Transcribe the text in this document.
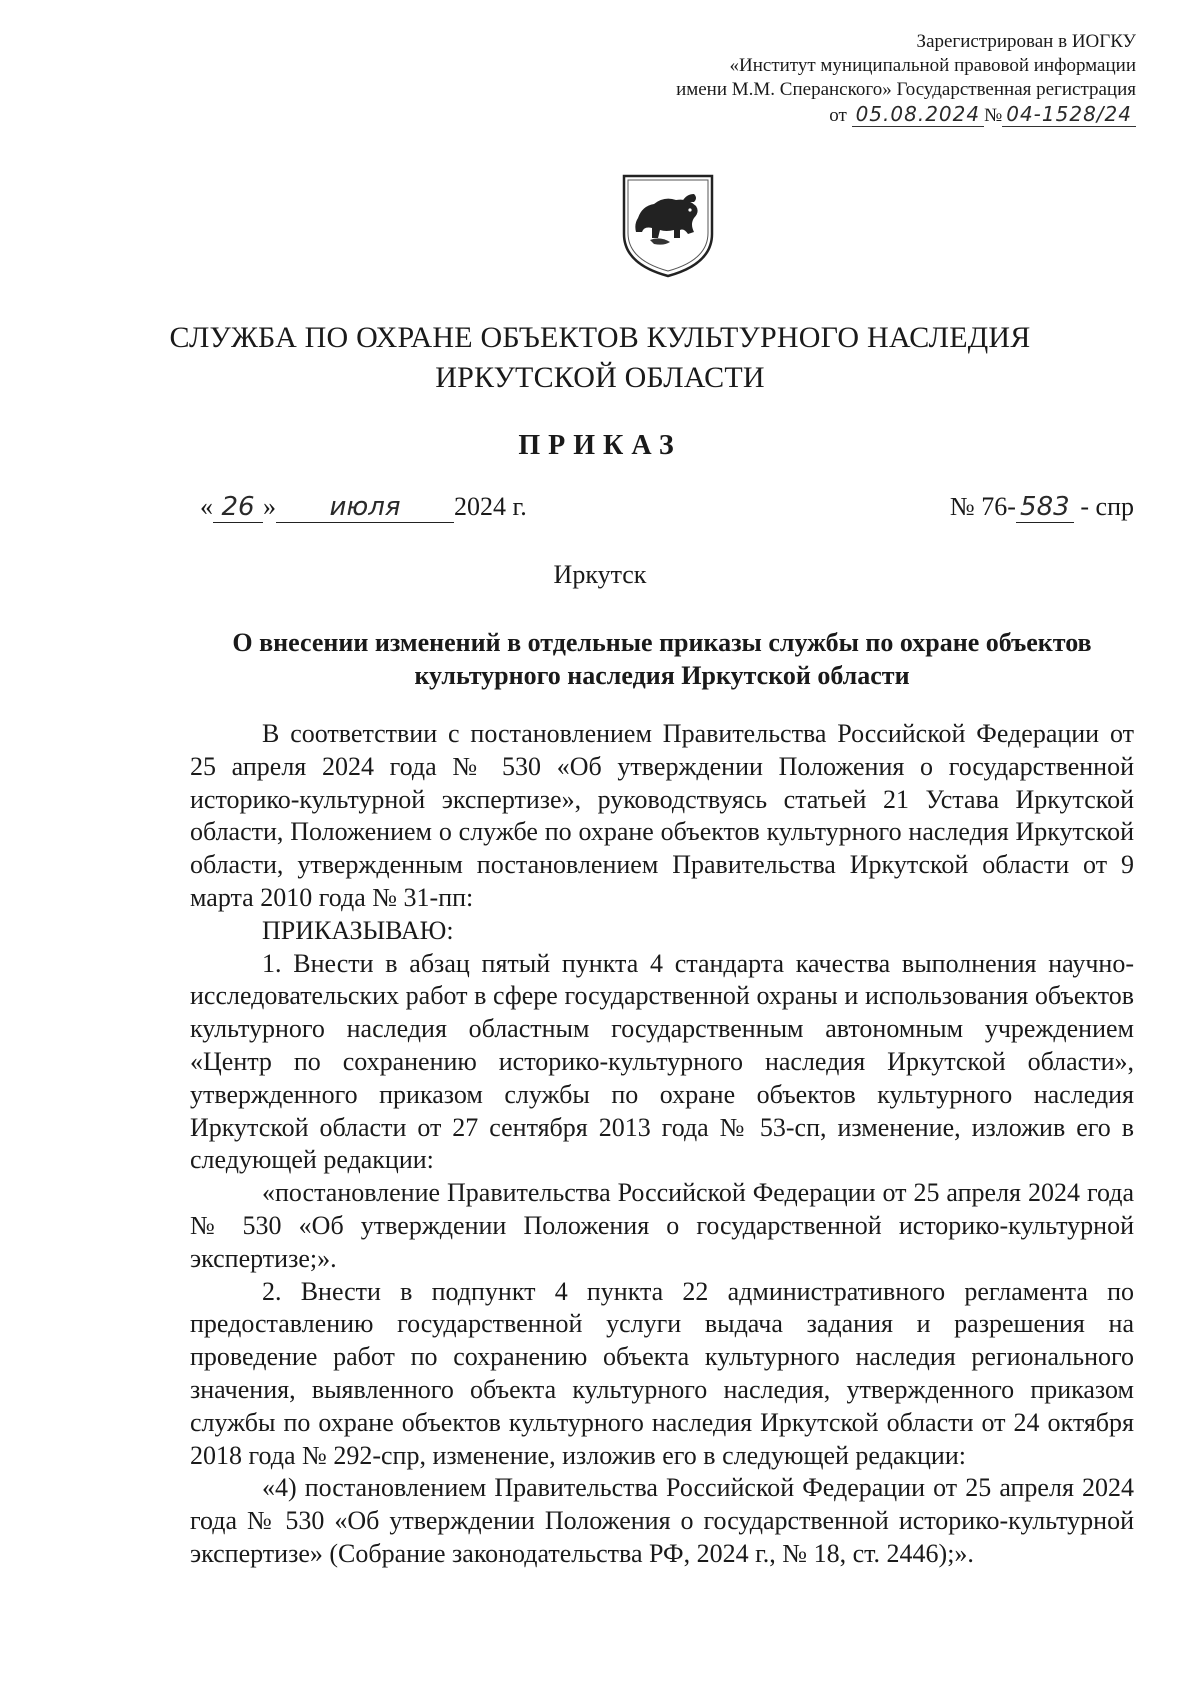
Зарегистрирован в ИОГКУ
«Институт муниципальной правовой информации
имени М.М. Сперанского» Государственная регистрация
от 05.08.2024 № 04-1528/24
СЛУЖБА ПО ОХРАНЕ ОБЪЕКТОВ КУЛЬТУРНОГО НАСЛЕДИЯ
ИРКУТСКОЙ ОБЛАСТИ
ПРИКАЗ
« 26 » июля 2024 г.	№ 76- 583 - спр
Иркутск
О внесении изменений в отдельные приказы службы по охране объектов культурного наследия Иркутской области

В соответствии с постановлением Правительства Российской Федерации от 25 апреля 2024 года № 530 «Об утверждении Положения о государственной историко-культурной экспертизе», руководствуясь статьей 21 Устава Иркутской области, Положением о службе по охране объектов культурного наследия Иркутской области, утвержденным постановлением Правительства Иркутской области от 9 марта 2010 года № 31-пп:

ПРИКАЗЫВАЮ:

1. Внести в абзац пятый пункта 4 стандарта качества выполнения научно-исследовательских работ в сфере государственной охраны и использования объектов культурного наследия областным государственным автономным учреждением «Центр по сохранению историко-культурного наследия Иркутской области», утвержденного приказом службы по охране объектов культурного наследия Иркутской области от 27 сентября 2013 года № 53-сп, изменение, изложив его в следующей редакции:

«постановление Правительства Российской Федерации от 25 апреля 2024 года № 530 «Об утверждении Положения о государственной историко-культурной экспертизе;».

2. Внести в подпункт 4 пункта 22 административного регламента по предоставлению государственной услуги выдача задания и разрешения на проведение работ по сохранению объекта культурного наследия регионального значения, выявленного объекта культурного наследия, утвержденного приказом службы по охране объектов культурного наследия Иркутской области от 24 октября 2018 года № 292-спр, изменение, изложив его в следующей редакции:

«4) постановлением Правительства Российской Федерации от 25 апреля 2024 года № 530 «Об утверждении Положения о государственной историко-культурной экспертизе» (Собрание законодательства РФ, 2024 г., № 18, ст. 2446);».
